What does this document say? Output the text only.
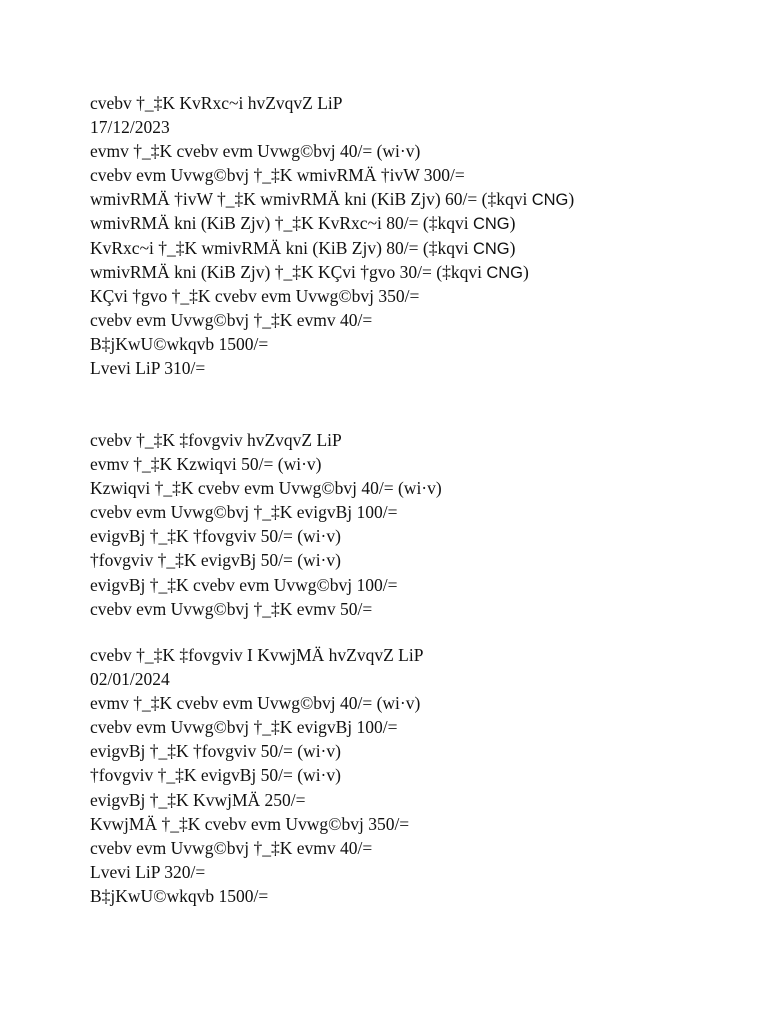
cvebv †_‡K KvRxc~i hvZvqvZ LiP
17/12/2023
evmv †_‡K cvebv evm Uvwg©bvj 40/= (wi·v)
cvebv evm Uvwg©bvj †_‡K wmivRMÄ †ivW 300/=
wmivRMÄ †ivW †_‡K wmivRMÄ kni (KiB Zjv) 60/= (‡kqvi CNG)
wmivRMÄ kni (KiB Zjv) †_‡K KvRxc~i 80/= (‡kqvi CNG)
KvRxc~i †_‡K wmivRMÄ kni (KiB Zjv) 80/= (‡kqvi CNG)
wmivRMÄ kni (KiB Zjv) †_‡K KÇvi †gvo 30/= (‡kqvi CNG)
KÇvi †gvo †_‡K cvebv evm Uvwg©bvj 350/=
cvebv evm Uvwg©bvj †_‡K evmv 40/=
B‡jKwU©wkqvb 1500/=
Lvevi LiP 310/=
cvebv †_‡K ‡fovgviv hvZvqvZ LiP
evmv †_‡K Kzwiqvi 50/= (wi·v)
Kzwiqvi †_‡K cvebv evm Uvwg©bvj 40/= (wi·v)
cvebv evm Uvwg©bvj †_‡K evigvBj 100/=
evigvBj †_‡K †fovgviv 50/= (wi·v)
†fovgviv †_‡K evigvBj 50/= (wi·v)
evigvBj †_‡K cvebv evm Uvwg©bvj 100/=
cvebv evm Uvwg©bvj †_‡K evmv 50/=
cvebv †_‡K ‡fovgviv I KvwjMÄ hvZvqvZ LiP
02/01/2024
evmv †_‡K cvebv evm Uvwg©bvj 40/= (wi·v)
cvebv evm Uvwg©bvj †_‡K evigvBj 100/=
evigvBj †_‡K †fovgviv 50/= (wi·v)
†fovgviv †_‡K evigvBj 50/= (wi·v)
evigvBj †_‡K KvwjMÄ 250/=
KvwjMÄ †_‡K cvebv evm Uvwg©bvj 350/=
cvebv evm Uvwg©bvj †_‡K evmv 40/=
Lvevi LiP 320/=
B‡jKwU©wkqvb 1500/=
